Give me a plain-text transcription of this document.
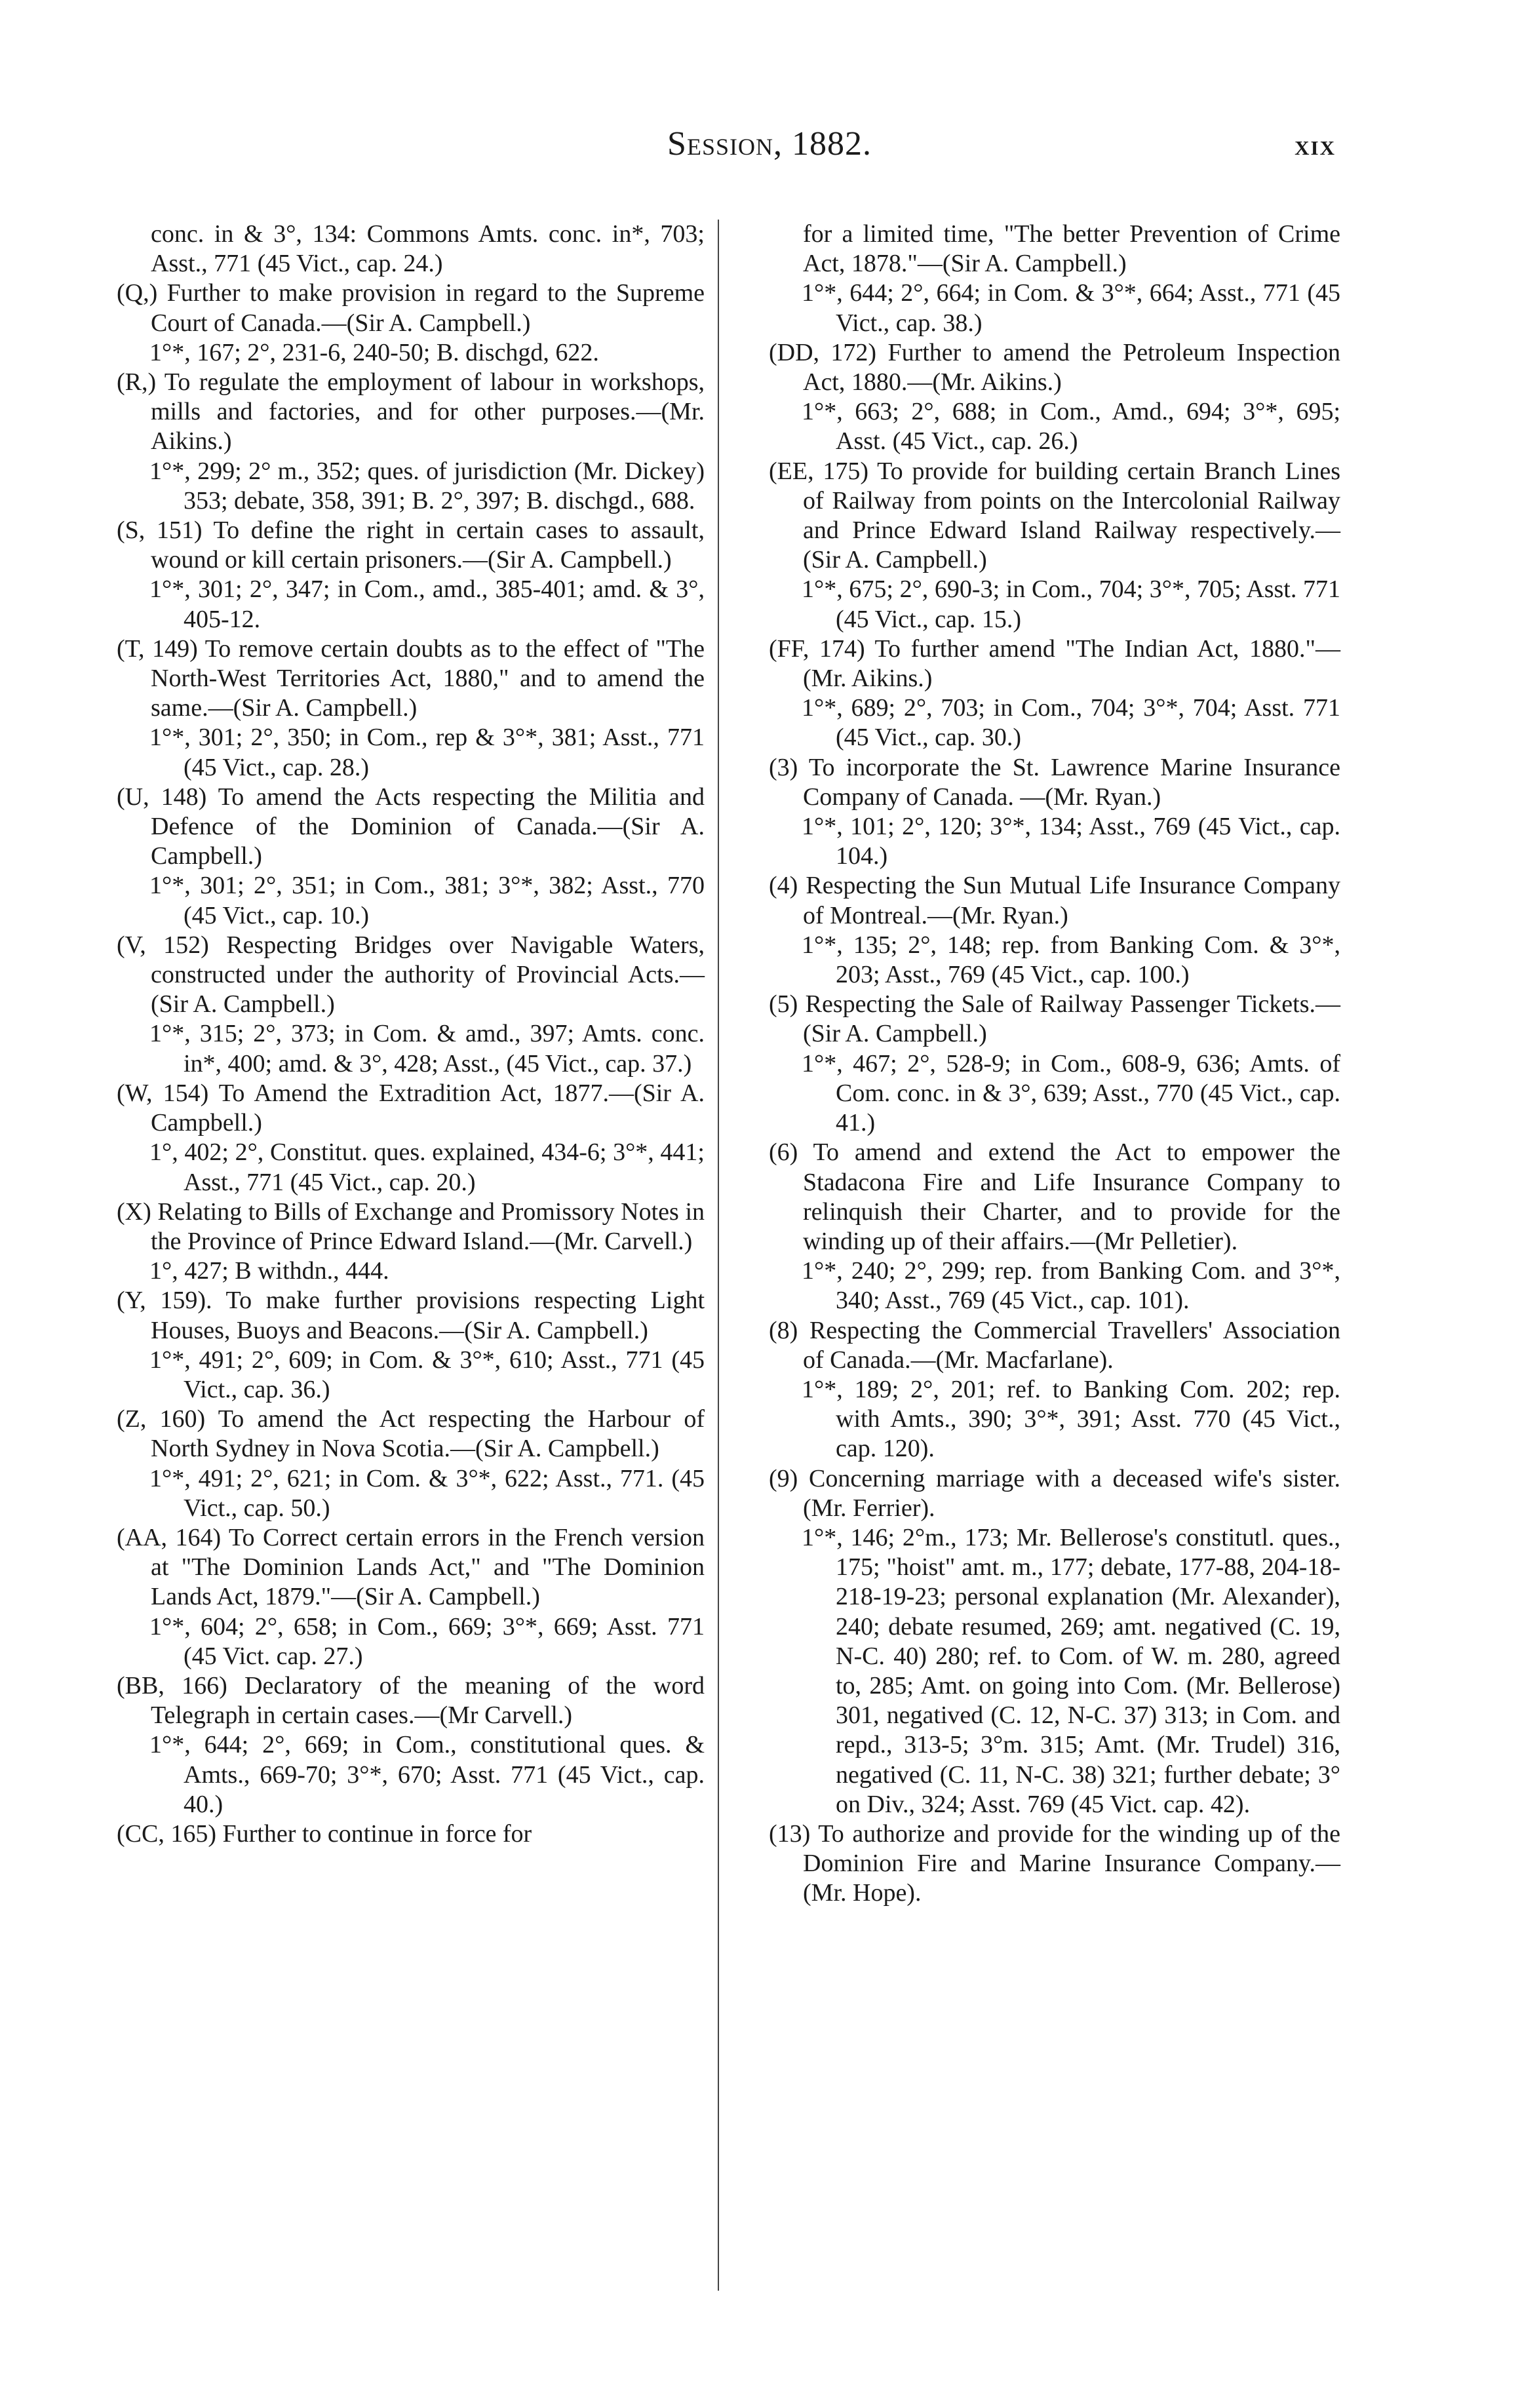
Session, 1882.	xix

conc. in & 3°, 134: Commons Amts. conc. in*, 703; Asst., 771 (45 Vict., cap. 24.)

(Q,) Further to make provision in regard to the Supreme Court of Canada.—(Sir A. Campbell.)

1°*, 167; 2°, 231-6, 240-50; B. dischgd, 622.

(R,) To regulate the employment of labour in workshops, mills and factories, and for other purposes.—(Mr. Aikins.)

1°*, 299; 2° m., 352; ques. of jurisdiction (Mr. Dickey) 353; debate, 358, 391; B. 2°, 397; B. dischgd., 688.

(S, 151) To define the right in certain cases to assault, wound or kill certain prisoners.—(Sir A. Campbell.)

1°*, 301; 2°, 347; in Com., amd., 385-401; amd. & 3°, 405-12.

(T, 149) To remove certain doubts as to the effect of "The North-West Territories Act, 1880," and to amend the same.—(Sir A. Campbell.)

1°*, 301; 2°, 350; in Com., rep & 3°*, 381; Asst., 771 (45 Vict., cap. 28.)

(U, 148) To amend the Acts respecting the Militia and Defence of the Dominion of Canada.—(Sir A. Campbell.)

1°*, 301; 2°, 351; in Com., 381; 3°*, 382; Asst., 770 (45 Vict., cap. 10.)

(V, 152) Respecting Bridges over Navigable Waters, constructed under the authority of Provincial Acts.—(Sir A. Campbell.)

1°*, 315; 2°, 373; in Com. & amd., 397; Amts. conc. in*, 400; amd. & 3°, 428; Asst., (45 Vict., cap. 37.)

(W, 154) To Amend the Extradition Act, 1877.—(Sir A. Campbell.)

1°, 402; 2°, Constitut. ques. explained, 434-6; 3°*, 441; Asst., 771 (45 Vict., cap. 20.)

(X) Relating to Bills of Exchange and Promissory Notes in the Province of Prince Edward Island.—(Mr. Carvell.)

1°, 427; B withdn., 444.

(Y, 159). To make further provisions respecting Light Houses, Buoys and Beacons.—(Sir A. Campbell.)

1°*, 491; 2°, 609; in Com. & 3°*, 610; Asst., 771 (45 Vict., cap. 36.)

(Z, 160) To amend the Act respecting the Harbour of North Sydney in Nova Scotia.—(Sir A. Campbell.)

1°*, 491; 2°, 621; in Com. & 3°*, 622; Asst., 771. (45 Vict., cap. 50.)

(AA, 164) To Correct certain errors in the French version at "The Dominion Lands Act," and "The Dominion Lands Act, 1879."—(Sir A. Campbell.)

1°*, 604; 2°, 658; in Com., 669; 3°*, 669; Asst. 771 (45 Vict. cap. 27.)

(BB, 166) Declaratory of the meaning of the word Telegraph in certain cases.—(Mr Carvell.)

1°*, 644; 2°, 669; in Com., constitutional ques. & Amts., 669-70; 3°*, 670; Asst. 771 (45 Vict., cap. 40.)

(CC, 165) Further to continue in force for

for a limited time, "The better Prevention of Crime Act, 1878."—(Sir A. Campbell.)

1°*, 644; 2°, 664; in Com. & 3°*, 664; Asst., 771 (45 Vict., cap. 38.)

(DD, 172) Further to amend the Petroleum Inspection Act, 1880.—(Mr. Aikins.)

1°*, 663; 2°, 688; in Com., Amd., 694; 3°*, 695; Asst. (45 Vict., cap. 26.)

(EE, 175) To provide for building certain Branch Lines of Railway from points on the Intercolonial Railway and Prince Edward Island Railway respectively.—(Sir A. Campbell.)

1°*, 675; 2°, 690-3; in Com., 704; 3°*, 705; Asst. 771 (45 Vict., cap. 15.)

(FF, 174) To further amend "The Indian Act, 1880."—(Mr. Aikins.)

1°*, 689; 2°, 703; in Com., 704; 3°*, 704; Asst. 771 (45 Vict., cap. 30.)

(3) To incorporate the St. Lawrence Marine Insurance Company of Canada. —(Mr. Ryan.)

1°*, 101; 2°, 120; 3°*, 134; Asst., 769 (45 Vict., cap. 104.)

(4) Respecting the Sun Mutual Life Insurance Company of Montreal.—(Mr. Ryan.)

1°*, 135; 2°, 148; rep. from Banking Com. & 3°*, 203; Asst., 769 (45 Vict., cap. 100.)

(5) Respecting the Sale of Railway Passenger Tickets.—(Sir A. Campbell.)

1°*, 467; 2°, 528-9; in Com., 608-9, 636; Amts. of Com. conc. in & 3°, 639; Asst., 770 (45 Vict., cap. 41.)

(6) To amend and extend the Act to empower the Stadacona Fire and Life Insurance Company to relinquish their Charter, and to provide for the winding up of their affairs.—(Mr Pelletier).

1°*, 240; 2°, 299; rep. from Banking Com. and 3°*, 340; Asst., 769 (45 Vict., cap. 101).

(8) Respecting the Commercial Travellers' Association of Canada.—(Mr. Macfarlane).

1°*, 189; 2°, 201; ref. to Banking Com. 202; rep. with Amts., 390; 3°*, 391; Asst. 770 (45 Vict., cap. 120).

(9) Concerning marriage with a deceased wife's sister. (Mr. Ferrier).

1°*, 146; 2°m., 173; Mr. Bellerose's constitutl. ques., 175; "hoist" amt. m., 177; debate, 177-88, 204-18-218-19-23; personal explanation (Mr. Alexander), 240; debate resumed, 269; amt. negatived (C. 19, N-C. 40) 280; ref. to Com. of W. m. 280, agreed to, 285; Amt. on going into Com. (Mr. Bellerose) 301, negatived (C. 12, N-C. 37) 313; in Com. and repd., 313-5; 3°m. 315; Amt. (Mr. Trudel) 316, negatived (C. 11, N-C. 38) 321; further debate; 3° on Div., 324; Asst. 769 (45 Vict. cap. 42).

(13) To authorize and provide for the winding up of the Dominion Fire and Marine Insurance Company.—(Mr. Hope).
